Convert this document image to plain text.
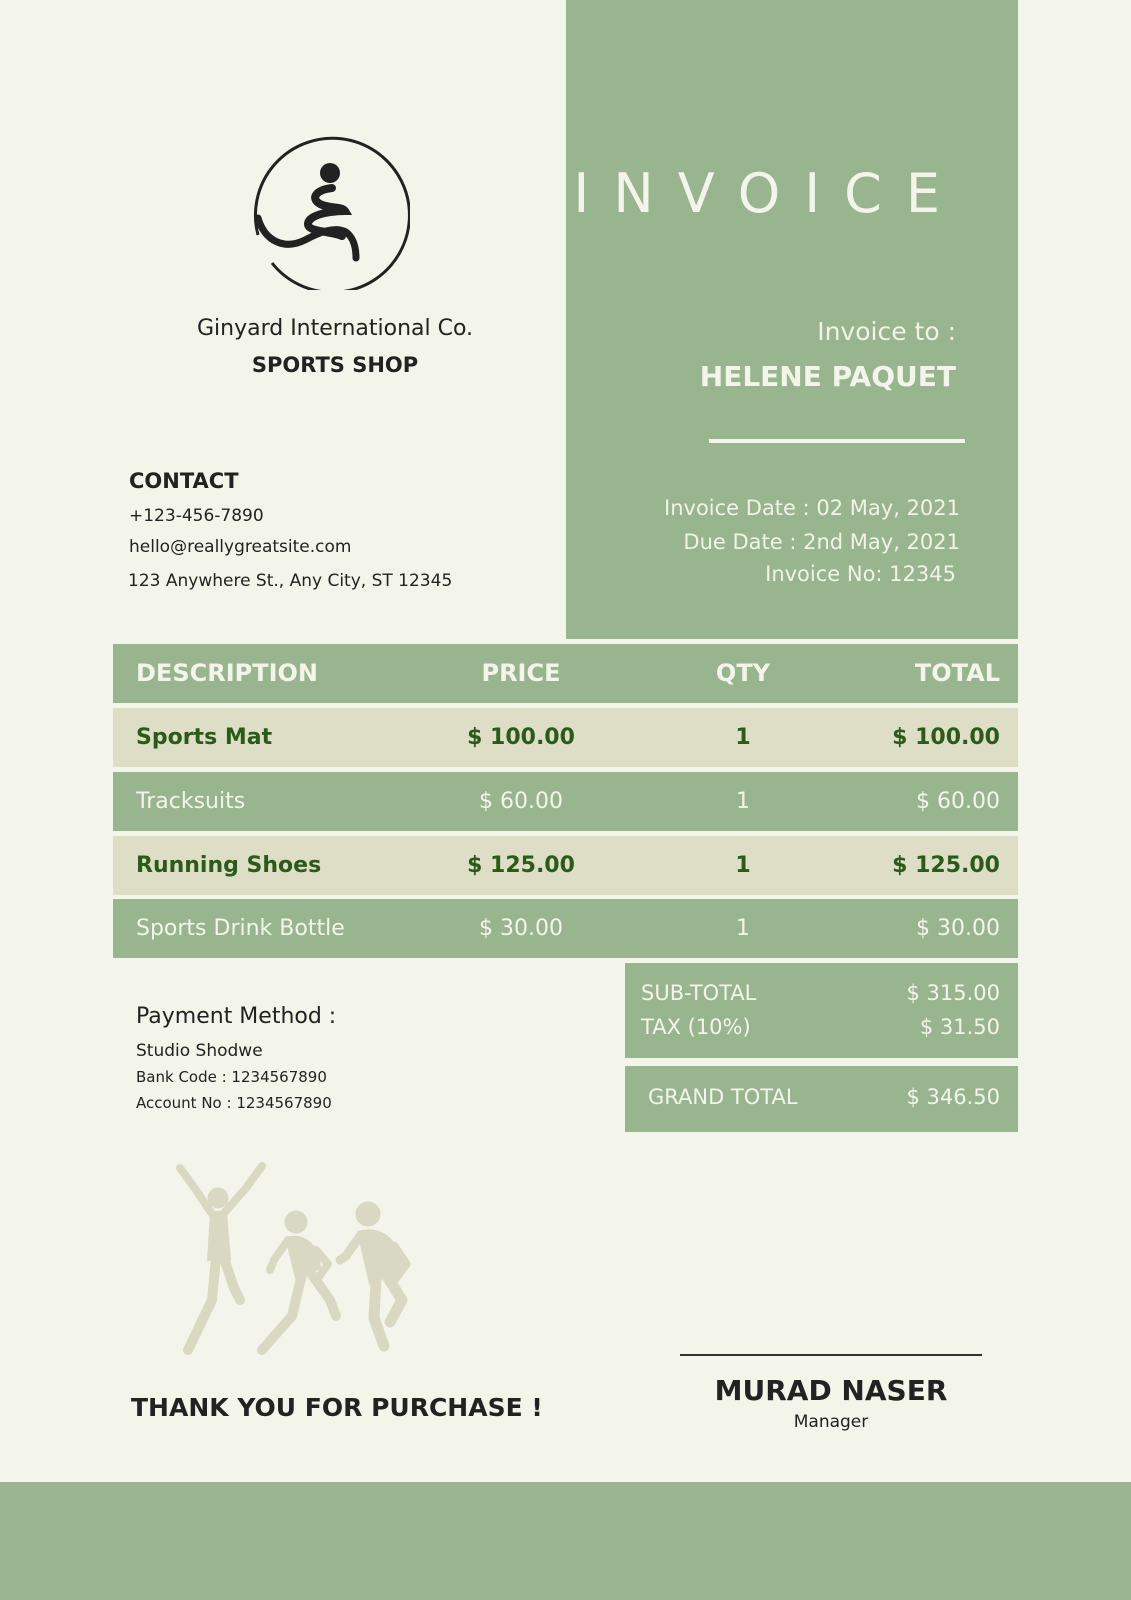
INVOICE
Invoice to :
HELENE PAQUET
Invoice Date : 02 May, 2021
Due Date : 2nd May, 2021
Invoice No: 12345
Ginyard International Co.
SPORTS SHOP
CONTACT
+123-456-7890
hello@reallygreatsite.com
123 Anywhere St., Any City, ST 12345
DESCRIPTION	PRICE	QTY	TOTAL
Sports Mat	$ 100.00	1	$ 100.00
Tracksuits	$ 60.00	1	$ 60.00
Running Shoes	$ 125.00	1	$ 125.00
Sports Drink Bottle	$ 30.00	1	$ 30.00
Payment Method :
Studio Shodwe
Bank Code : 1234567890
Account No : 1234567890
SUB-TOTAL	$ 315.00
TAX (10%)	$ 31.50
GRAND TOTAL	$ 346.50
THANK YOU FOR PURCHASE !
MURAD NASER
Manager
